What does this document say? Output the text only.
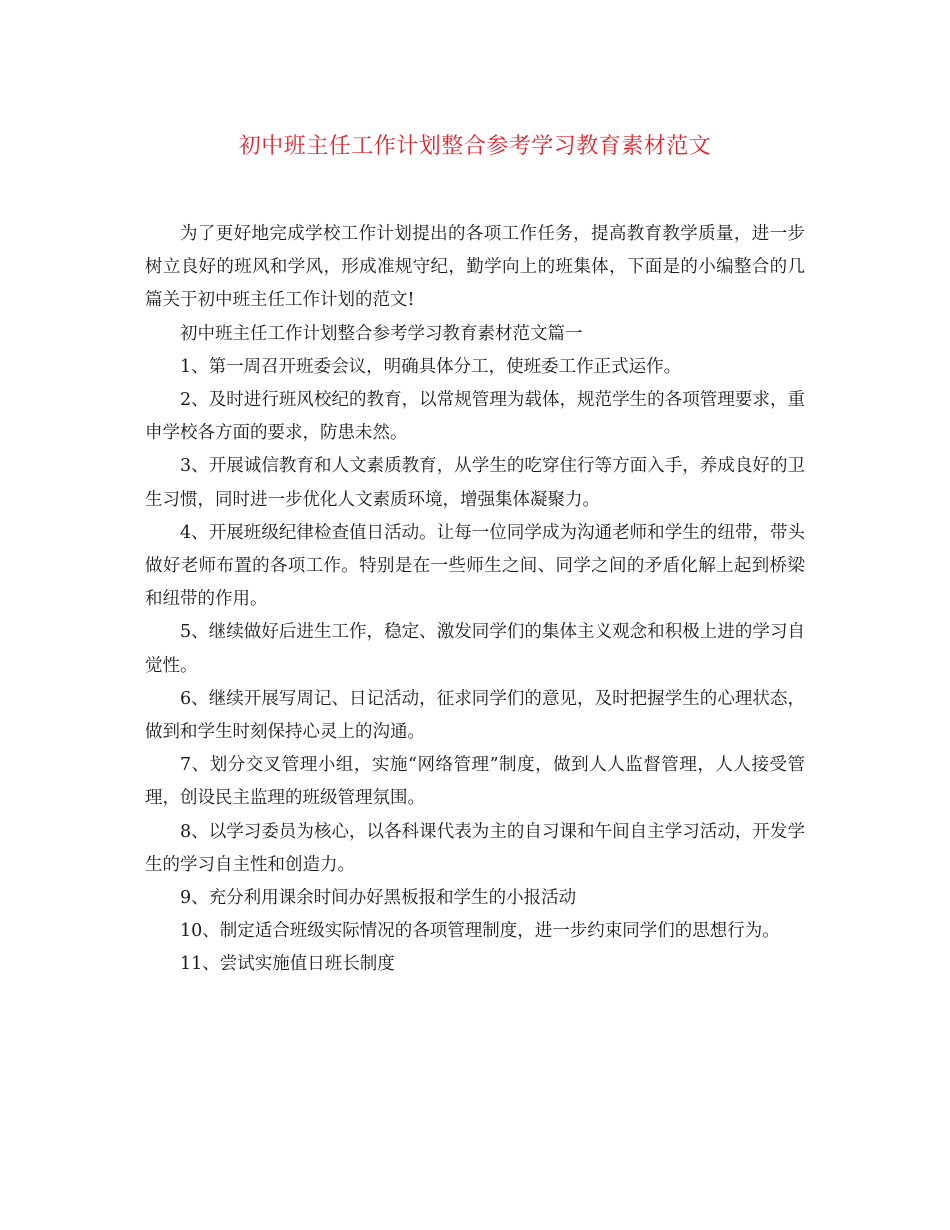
初中班主任工作计划整合参考学习教育素材范文

为了更好地完成学校工作计划提出的各项工作任务，提高教育教学质量，进一步树立良好的班风和学风，形成准规守纪，勤学向上的班集体，下面是的小编整合的几篇关于初中班主任工作计划的范文!

初中班主任工作计划整合参考学习教育素材范文篇一

1、第一周召开班委会议，明确具体分工，使班委工作正式运作。

2、及时进行班风校纪的教育，以常规管理为载体，规范学生的各项管理要求，重申学校各方面的要求，防患未然。

3、开展诚信教育和人文素质教育，从学生的吃穿住行等方面入手，养成良好的卫生习惯，同时进一步优化人文素质环境，增强集体凝聚力。

4、开展班级纪律检查值日活动。让每一位同学成为沟通老师和学生的纽带，带头做好老师布置的各项工作。特别是在一些师生之间、同学之间的矛盾化解上起到桥梁和纽带的作用。

5、继续做好后进生工作，稳定、激发同学们的集体主义观念和积极上进的学习自觉性。

6、继续开展写周记、日记活动，征求同学们的意见，及时把握学生的心理状态，做到和学生时刻保持心灵上的沟通。

7、划分交叉管理小组，实施“网络管理”制度，做到人人监督管理，人人接受管理，创设民主监理的班级管理氛围。

8、以学习委员为核心，以各科课代表为主的自习课和午间自主学习活动，开发学生的学习自主性和创造力。

9、充分利用课余时间办好黑板报和学生的小报活动

10、制定适合班级实际情况的各项管理制度，进一步约束同学们的思想行为。

11、尝试实施值日班长制度
